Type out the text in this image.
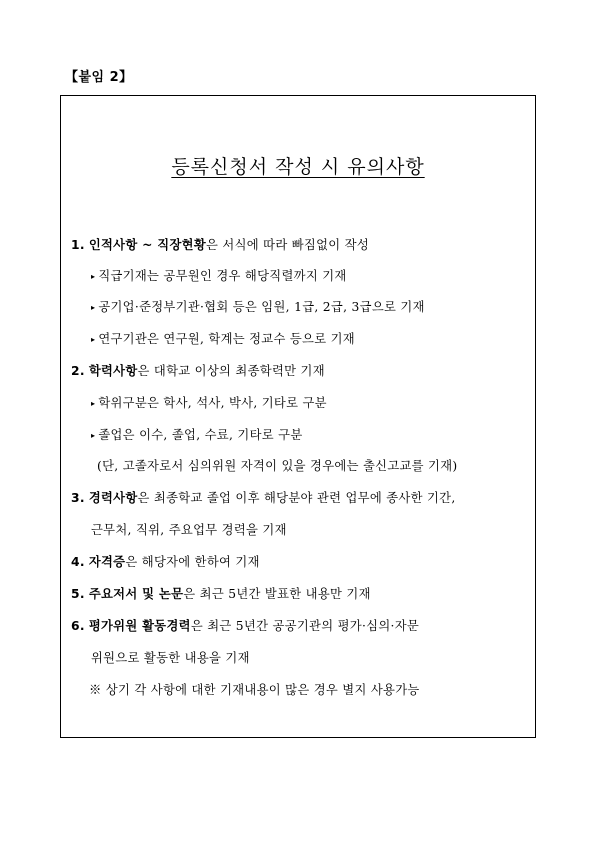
【붙임 2】
등록신청서 작성 시 유의사항
1. 인적사항 ~ 직장현황은 서식에 따라 빠짐없이 작성
▸ 직급기재는 공무원인 경우 해당직렬까지 기재
▸ 공기업·준정부기관·협회 등은 임원, 1급, 2급, 3급으로 기재
▸ 연구기관은 연구원, 학계는 정교수 등으로 기재
2. 학력사항은 대학교 이상의 최종학력만 기재
▸ 학위구분은 학사, 석사, 박사, 기타로 구분
▸ 졸업은 이수, 졸업, 수료, 기타로 구분
(단, 고졸자로서 심의위원 자격이 있을 경우에는 출신고교를 기재)
3. 경력사항은 최종학교 졸업 이후 해당분야 관련 업무에 종사한 기간,
근무처, 직위, 주요업무 경력을 기재
4. 자격증은 해당자에 한하여 기재
5. 주요저서 및 논문은 최근 5년간 발표한 내용만 기재
6. 평가위원 활동경력은 최근 5년간 공공기관의 평가·심의·자문
위원으로 활동한 내용을 기재
※ 상기 각 사항에 대한 기재내용이 많은 경우 별지 사용가능
